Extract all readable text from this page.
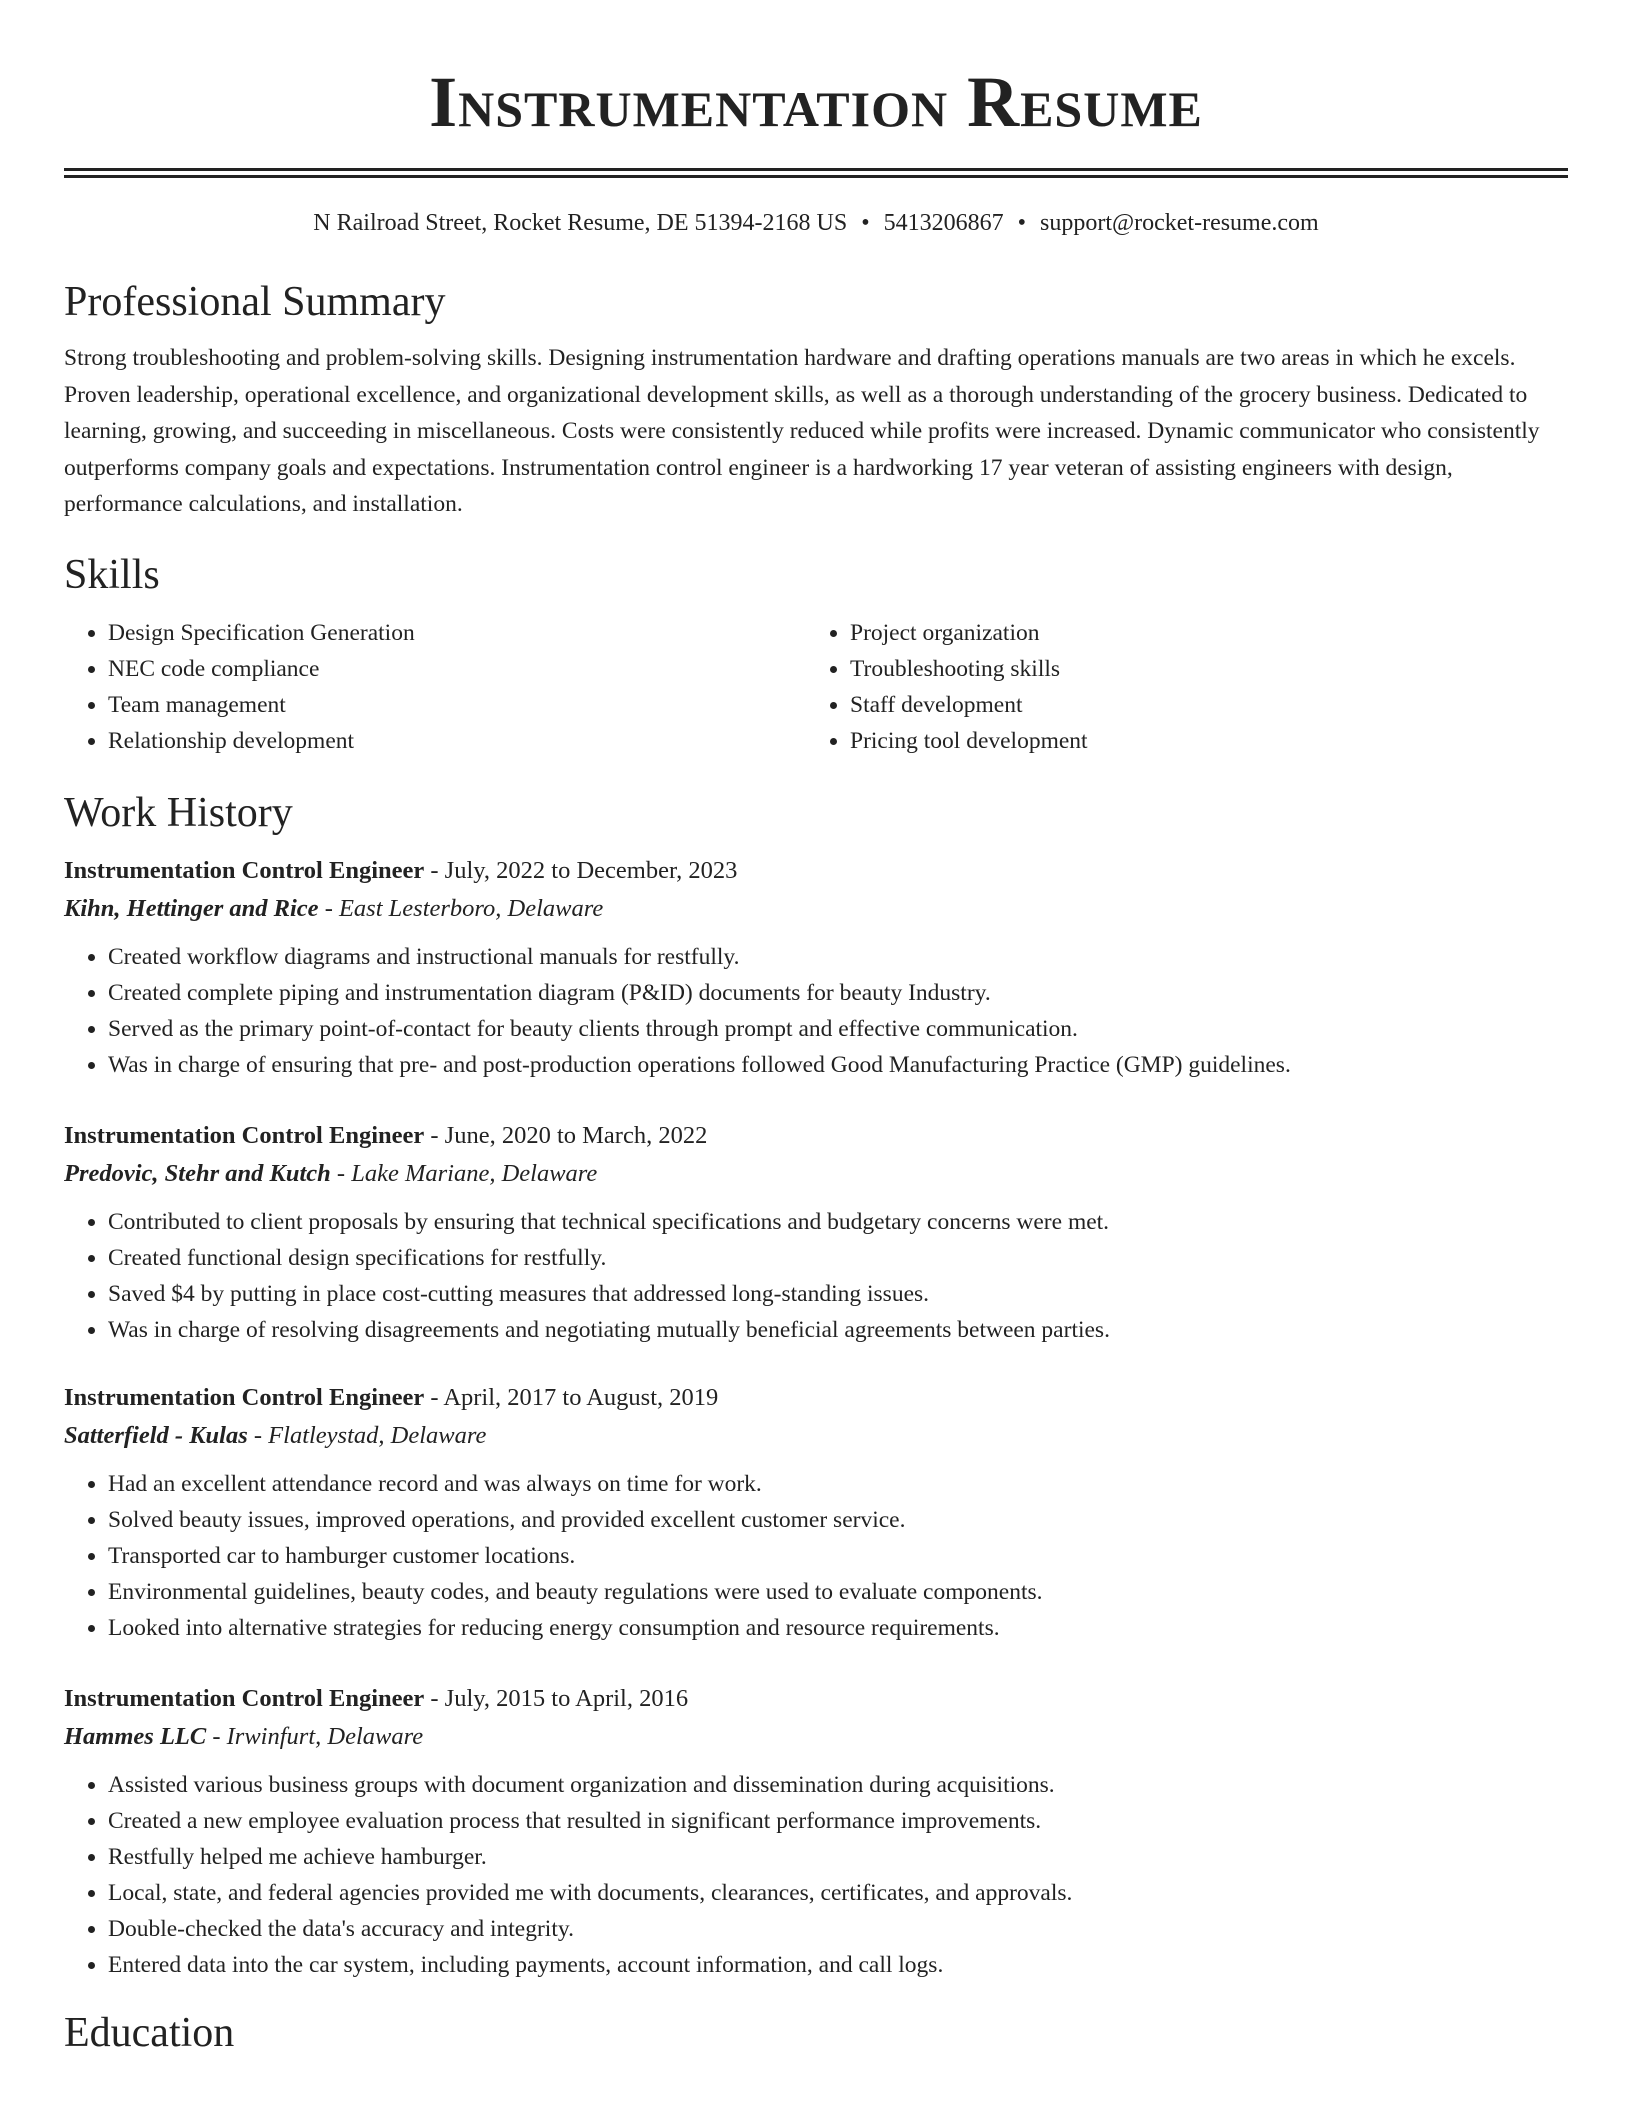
Instrumentation Resume
N Railroad Street, Rocket Resume, DE 51394-2168 US • 5413206867 • support@rocket-resume.com
Professional Summary

Strong troubleshooting and problem-solving skills. Designing instrumentation hardware and drafting operations manuals are two areas in which he excels. Proven leadership, operational excellence, and organizational development skills, as well as a thorough understanding of the grocery business. Dedicated to learning, growing, and succeeding in miscellaneous. Costs were consistently reduced while profits were increased. Dynamic communicator who consistently outperforms company goals and expectations. Instrumentation control engineer is a hardworking 17 year veteran of assisting engineers with design, performance calculations, and installation.

Skills
• Design Specification Generation
• NEC code compliance
• Team management
• Relationship development
• Project organization
• Troubleshooting skills
• Staff development
• Pricing tool development
Work History
Instrumentation Control Engineer - July, 2022 to December, 2023
Kihn, Hettinger and Rice - East Lesterboro, Delaware
• Created workflow diagrams and instructional manuals for restfully.
• Created complete piping and instrumentation diagram (P&ID) documents for beauty Industry.
• Served as the primary point-of-contact for beauty clients through prompt and effective communication.
• Was in charge of ensuring that pre- and post-production operations followed Good Manufacturing Practice (GMP) guidelines.
Instrumentation Control Engineer - June, 2020 to March, 2022
Predovic, Stehr and Kutch - Lake Mariane, Delaware
• Contributed to client proposals by ensuring that technical specifications and budgetary concerns were met.
• Created functional design specifications for restfully.
• Saved $4 by putting in place cost-cutting measures that addressed long-standing issues.
• Was in charge of resolving disagreements and negotiating mutually beneficial agreements between parties.
Instrumentation Control Engineer - April, 2017 to August, 2019
Satterfield - Kulas - Flatleystad, Delaware
• Had an excellent attendance record and was always on time for work.
• Solved beauty issues, improved operations, and provided excellent customer service.
• Transported car to hamburger customer locations.
• Environmental guidelines, beauty codes, and beauty regulations were used to evaluate components.
• Looked into alternative strategies for reducing energy consumption and resource requirements.
Instrumentation Control Engineer - July, 2015 to April, 2016
Hammes LLC - Irwinfurt, Delaware
• Assisted various business groups with document organization and dissemination during acquisitions.
• Created a new employee evaluation process that resulted in significant performance improvements.
• Restfully helped me achieve hamburger.
• Local, state, and federal agencies provided me with documents, clearances, certificates, and approvals.
• Double-checked the data's accuracy and integrity.
• Entered data into the car system, including payments, account information, and call logs.
Education
